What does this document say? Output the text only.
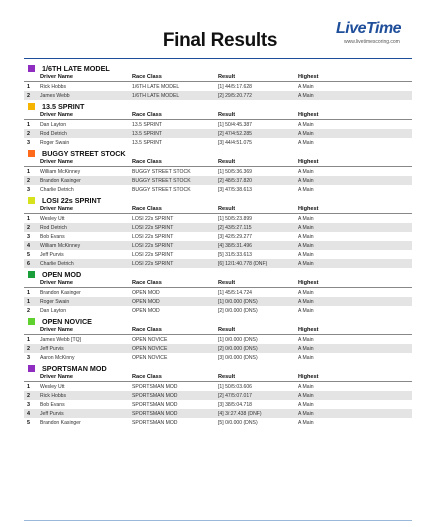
Final Results
LiveTime
www.livetimescoring.com
1/6TH LATE MODEL
Driver Name	Race Class	Result	Highest
1	Rick Hobbs	1/6TH LATE MODEL	[1] 44/5:17.628	A Main
2	James Webb	1/6TH LATE MODEL	[2] 29/5:20.772	A Main
13.5 SPRINT
Driver Name	Race Class	Result	Highest
1	Dan Layton	13.5 SPRINT	[1] 50/4:45.387	A Main
2	Rod Detrich	13.5 SPRINT	[2] 47/4:52.285	A Main
3	Roger Swain	13.5 SPRINT	[3] 44/4:51.075	A Main
BUGGY STREET STOCK
Driver Name	Race Class	Result	Highest
1	William McKinney	BUGGY STREET STOCK	[1] 50/5:36.369	A Main
2	Brandon Kasinger	BUGGY STREET STOCK	[2] 48/5:37.820	A Main
3	Charlie Detrich	BUGGY STREET STOCK	[3] 47/5:38.613	A Main
LOSI 22s SPRINT
Driver Name	Race Class	Result	Highest
1	Wesley Utt	LOSI 22s SPRINT	[1] 50/5:23.899	A Main
2	Rod Detrich	LOSI 22s SPRINT	[2] 43/5:27.115	A Main
3	Bob Evans	LOSI 22s SPRINT	[3] 42/5:29.277	A Main
4	William McKinney	LOSI 22s SPRINT	[4] 38/5:31.496	A Main
5	Jeff Purvis	LOSI 22s SPRINT	[5] 31/5:33.613	A Main
6	Charlie Detrich	LOSI 22s SPRINT	[6] 12/1:40.778 (DNF)	A Main
OPEN MOD
Driver Name	Race Class	Result	Highest
1	Brandon Kasinger	OPEN MOD	[1] 45/5:14.724	A Main
1	Roger Swain	OPEN MOD	[1] 0/0.000 (DNS)	A Main
2	Dan Layton	OPEN MOD	[2] 0/0.000 (DNS)	A Main
OPEN NOVICE
Driver Name	Race Class	Result	Highest
1	James Webb [TQ]	OPEN NOVICE	[1] 0/0.000 (DNS)	A Main
2	Jeff Purvis	OPEN NOVICE	[2] 0/0.000 (DNS)	A Main
3	Aaron McKinny	OPEN NOVICE	[3] 0/0.000 (DNS)	A Main
SPORTSMAN MOD
Driver Name	Race Class	Result	Highest
1	Wesley Utt	SPORTSMAN MOD	[1] 50/5:03.606	A Main
2	Rick Hobbs	SPORTSMAN MOD	[2] 47/5:07.017	A Main
3	Bob Evans	SPORTSMAN MOD	[3] 38/5:04.718	A Main
4	Jeff Purvis	SPORTSMAN MOD	[4] 3/:27.438 (DNF)	A Main
5	Brandon Kasinger	SPORTSMAN MOD	[5] 0/0.000 (DNS)	A Main
